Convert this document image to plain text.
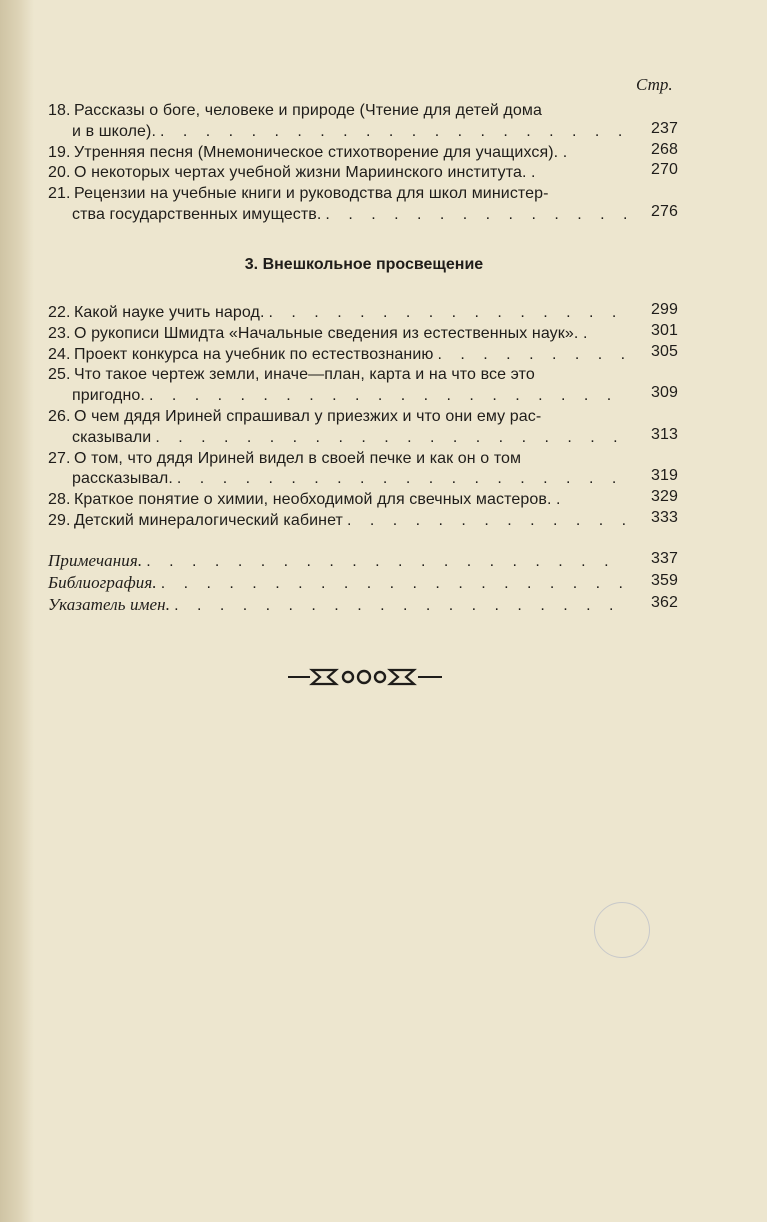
Стр.
18. Рассказы о боге, человеке и природе (Чтение для детей дома
и в школе). . . .	237
19. Утренняя песня (Мнемоническое стихотворение для учащихся). .	268
20. О некоторых чертах учебной жизни Мариинского института. .	270
21. Рецензии на учебные книги и руководства для школ министер-
ства государственных имуществ. . . .	276
3. Внешкольное просвещение
22. Какой науке учить народ. . . .	299
23. О рукописи Шмидта «Начальные сведения из естественных наук». .	301
24. Проект конкурса на учебник по естествознанию . . .	305
25. Что такое чертеж земли, иначе—план, карта и на что все это
пригодно. . . .	309
26. О чем дядя Ириней спрашивал у приезжих и что они ему рас-
сказывали . . .	313
27. О том, что дядя Ириней видел в своей печке и как он о том
рассказывал. . . .	319
28. Краткое понятие о химии, необходимой для свечных мастеров. .	329
29. Детский минералогический кабинет . . .	333
Примечания. . . .	337
Библиография. . . .	359
Указатель имен. . . .	362
